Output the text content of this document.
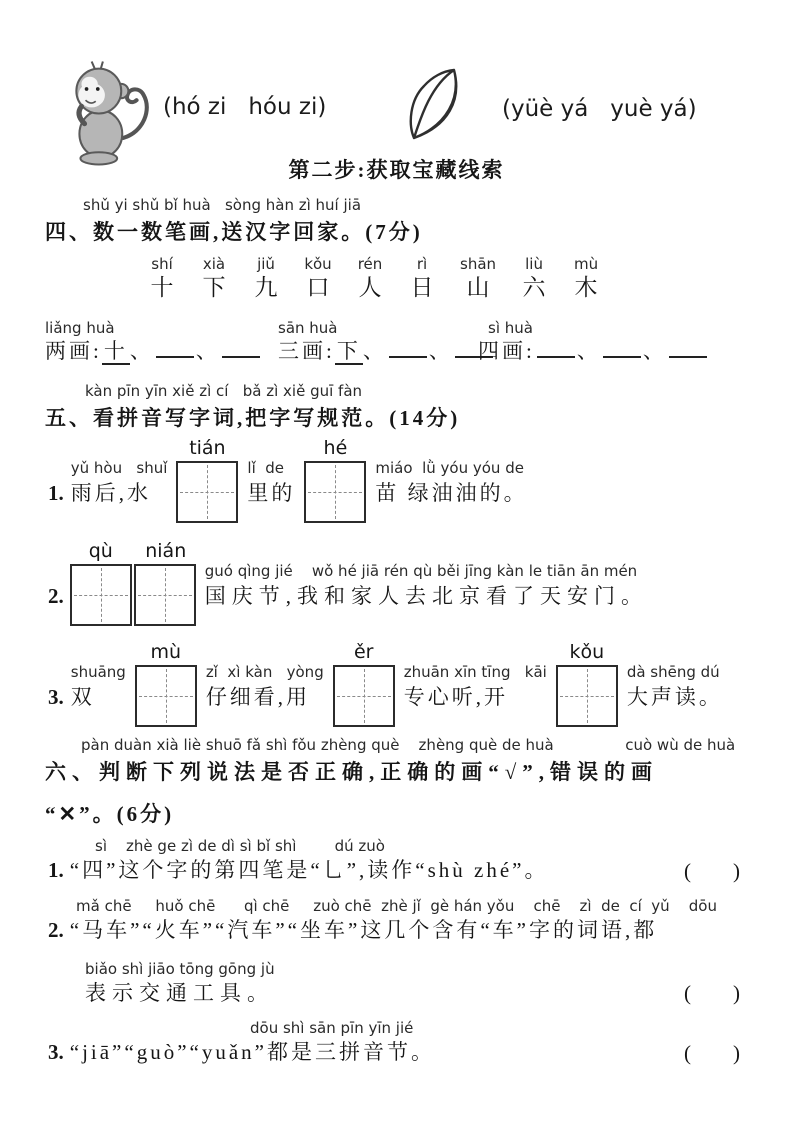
(hó zi   hóu zi)	(yüè yá   yuè yá)
第二步:获取宝藏线索
shǔ yi shǔ bǐ huà   sòng hàn zì huí jiā
四、数一数笔画,送汉字回家。(7分)
shí
十
xià
下
jiǔ
九
kǒu
口
rén
人
rì
日
shān
山
liù
六
mù
木
liǎng huà
两画:十、 、
sān huà
三画:下、 、
sì huà
四画: 、 、
kàn pīn yīn xiě zì cí   bǎ zì xiě guī fàn
五、看拼音写字词,把字写规范。(14分)
1.
yǔ hòu   shuǐ
雨后,水
tián
lǐ  de
里的
hé
miáo  lǜ yóu yóu de
苗 绿油油的。
2.
qù	nián
guó qìng jié    wǒ hé jiā rén qù běi jīng kàn le tiān ān mén
国庆节,我和家人去北京看了天安门。
3.
shuāng
双
mù
zǐ  xì kàn   yòng
仔细看,用
ěr
zhuān xīn tīng   kāi
专心听,开
kǒu
dà shēng dú
大声读。
pàn duàn xià liè shuō fǎ shì fǒu zhèng què    zhèng què de huà               cuò wù de huà
六、判断下列说法是否正确,正确的画“√”,错误的画
“✕”。(6分)
sì    zhè ge zì de dì sì bǐ shì        dú zuò
1. “四”这个字的第四笔是“乚”,读作“shù zhé”。	(　　)
mǎ chē     huǒ chē      qì chē     zuò chē  zhè jǐ  gè hán yǒu    chē    zì  de  cí  yǔ    dōu
2. “马车”“火车”“汽车”“坐车”这几个含有“车”字的词语,都
biǎo shì jiāo tōng gōng jù
表示交通工具。	(　　)
dōu shì sān pīn yīn jié
3. “jiā”“guò”“yuǎn”都是三拼音节。	(　　)
